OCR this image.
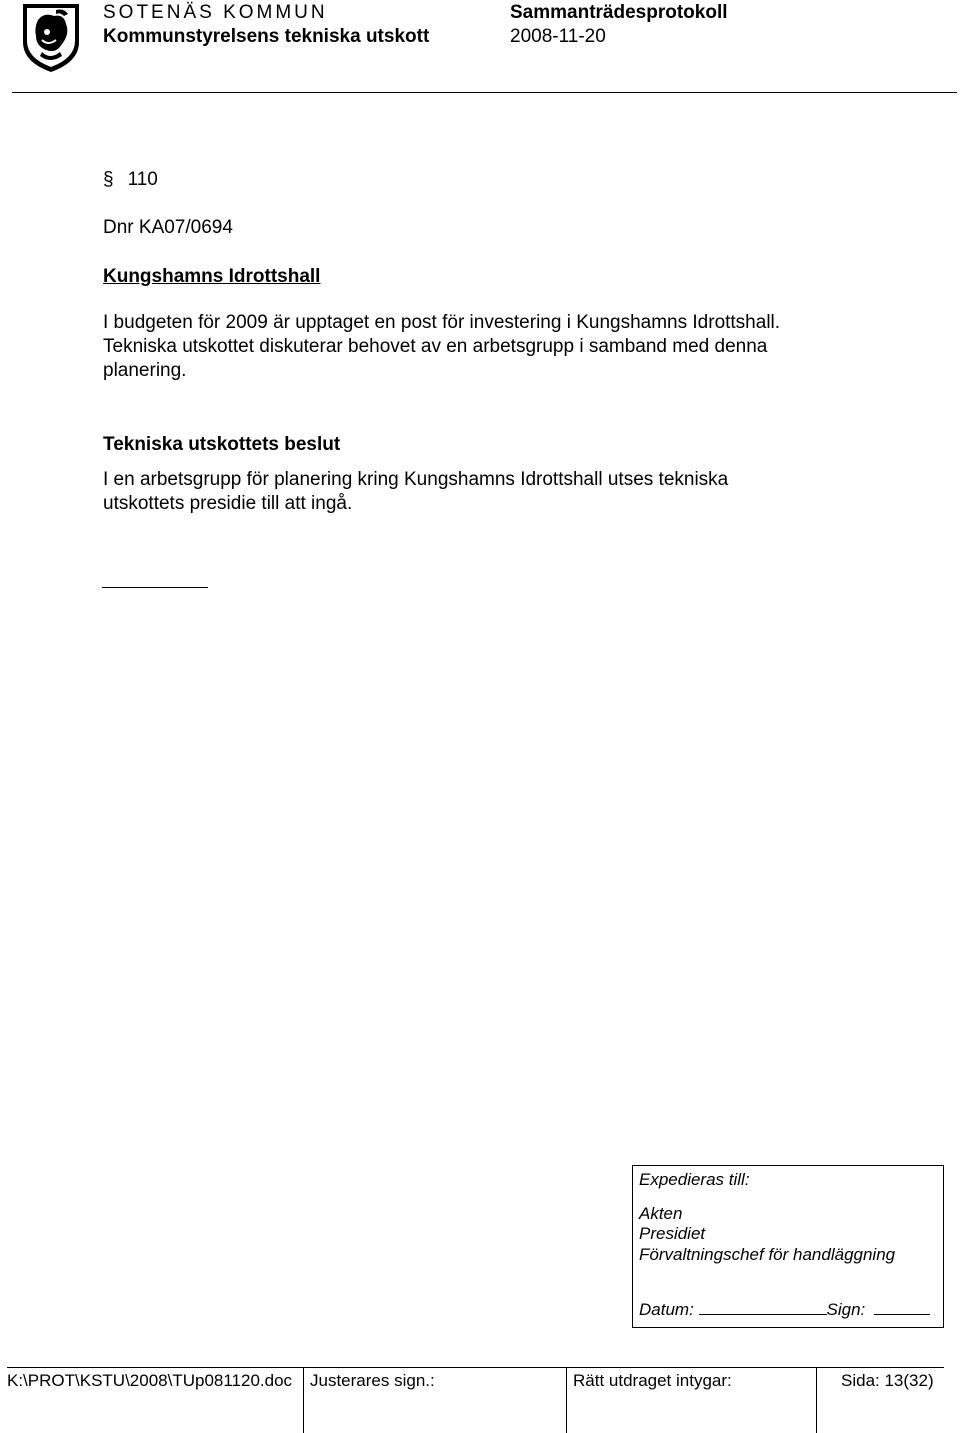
SOTENÄS KOMMUN
Kommunstyrelsens tekniska utskott
Sammanträdesprotokoll
2008-11-20
§ 110
Dnr KA07/0694
Kungshamns Idrottshall
I budgeten för 2009 är upptaget en post för investering i Kungshamns Idrottshall.
Tekniska utskottet diskuterar behovet av en arbetsgrupp i samband med denna
planering.
Tekniska utskottets beslut
I en arbetsgrupp för planering kring Kungshamns Idrottshall utses tekniska
utskottets presidie till att ingå.
Expedieras till:
Akten
Presidiet
Förvaltningschef för handläggning
Datum:	Sign:
K:\PROT\KSTU\2008\TUp081120.doc	Justerares sign.:	Rätt utdraget intygar:	Sida: 13(32)
